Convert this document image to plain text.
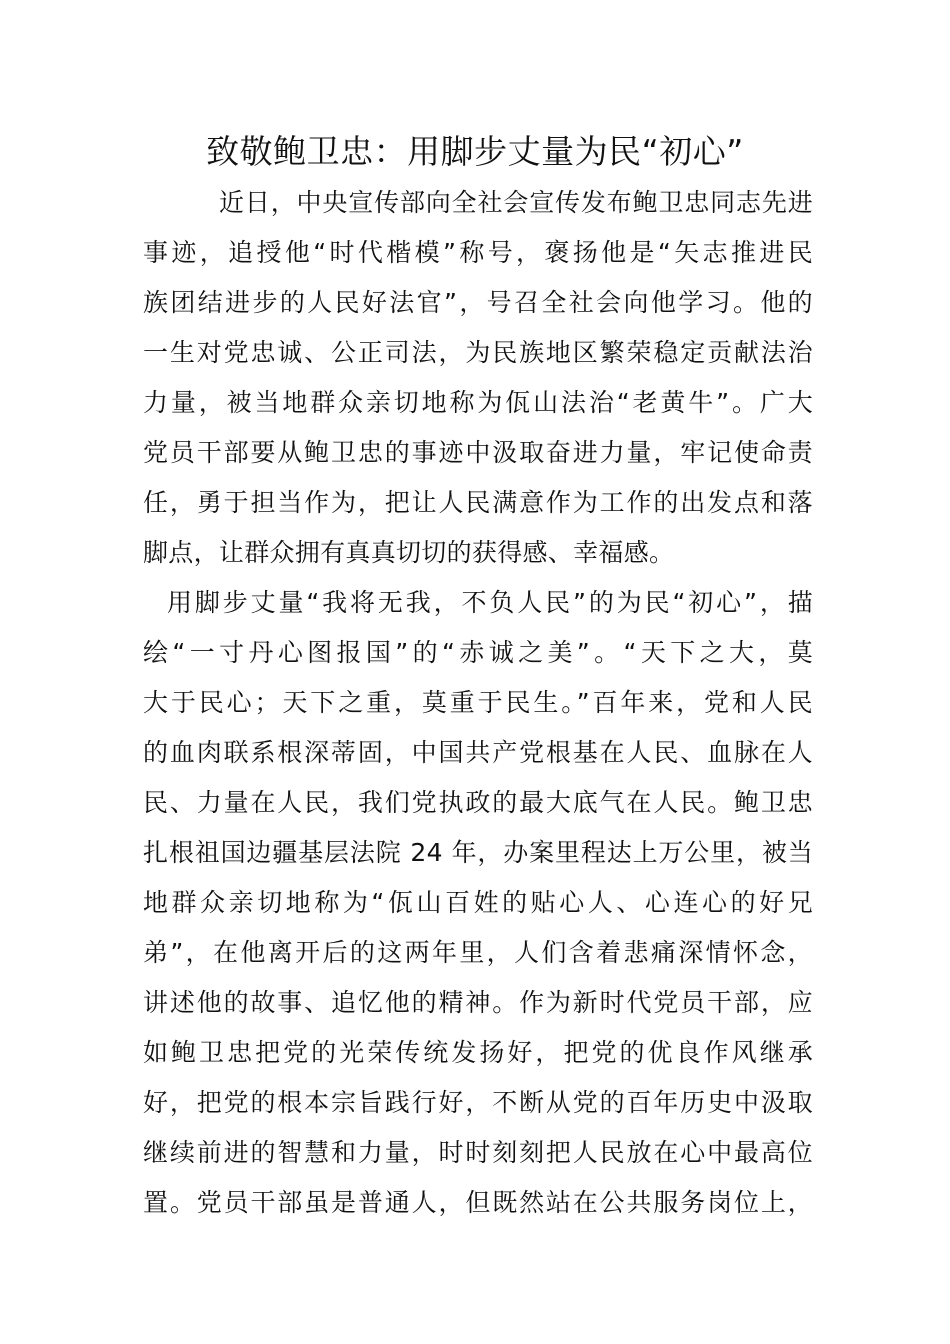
致敬鲍卫忠：用脚步丈量为民“初心”
近日，中央宣传部向全社会宣传发布鲍卫忠同志先进
事迹，追授他“时代楷模”称号，褒扬他是“矢志推进民
族团结进步的人民好法官”，号召全社会向他学习。他的
一生对党忠诚、公正司法，为民族地区繁荣稳定贡献法治
力量，被当地群众亲切地称为佤山法治“老黄牛”。广大
党员干部要从鲍卫忠的事迹中汲取奋进力量，牢记使命责
任，勇于担当作为，把让人民满意作为工作的出发点和落
脚点，让群众拥有真真切切的获得感、幸福感。
用脚步丈量“我将无我，不负人民”的为民“初心”，描
绘“一寸丹心图报国”的“赤诚之美”。“天下之大，莫
大于民心；天下之重，莫重于民生。”百年来，党和人民
的血肉联系根深蒂固，中国共产党根基在人民、血脉在人
民、力量在人民，我们党执政的最大底气在人民。鲍卫忠
扎根祖国边疆基层法院 24 年，办案里程达上万公里，被当
地群众亲切地称为“佤山百姓的贴心人、心连心的好兄
弟”，在他离开后的这两年里，人们含着悲痛深情怀念，
讲述他的故事、追忆他的精神。作为新时代党员干部，应
如鲍卫忠把党的光荣传统发扬好，把党的优良作风继承
好，把党的根本宗旨践行好，不断从党的百年历史中汲取
继续前进的智慧和力量，时时刻刻把人民放在心中最高位
置。党员干部虽是普通人，但既然站在公共服务岗位上，
